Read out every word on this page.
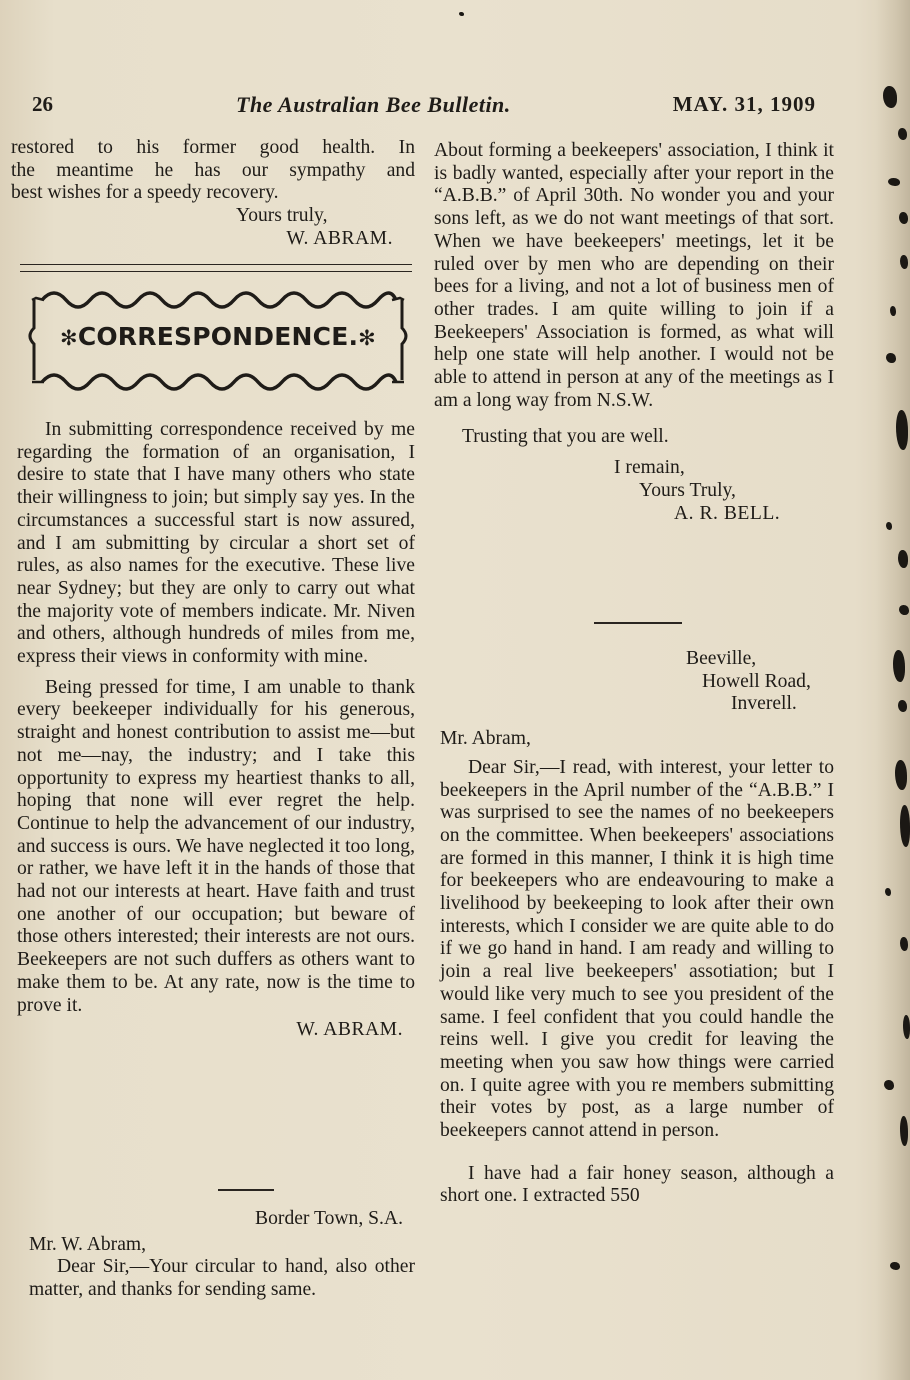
26	The Australian Bee Bulletin.	MAY. 31, 1909

restored to his former good health. In

the meantime he has our sympathy and

best wishes for a speedy recovery.

Yours truly,

W. ABRAM.

✻CORRESPONDENCE.✻

In submitting correspondence received by me regarding the formation of an organisation, I desire to state that I have many others who state their willingness to join; but simply say yes. In the circumstances a successful start is now assured, and I am submitting by circular a short set of rules, as also names for the executive. These live near Sydney; but they are only to carry out what the majority vote of members indicate. Mr. Niven and others, although hundreds of miles from me, express their views in conformity with mine.

Being pressed for time, I am unable to thank every beekeeper individually for his generous, straight and honest contribution to assist me—but not me—nay, the industry; and I take this opportunity to express my heartiest thanks to all, hoping that none will ever regret the help. Continue to help the advancement of our industry, and success is ours. We have neglected it too long, or rather, we have left it in the hands of those that had not our interests at heart. Have faith and trust one another of our occupation; but beware of those others interested; their interests are not ours. Beekeepers are not such duffers as others want to make them to be. At any rate, now is the time to prove it.

W. ABRAM.

Border Town, S.A.

Mr. W. Abram,

Dear Sir,—Your circular to hand, also other matter, and thanks for sending same.

About forming a beekeepers' association, I think it is badly wanted, especially after your report in the “A.B.B.” of April 30th. No wonder you and your sons left, as we do not want meetings of that sort. When we have beekeepers' meetings, let it be ruled over by men who are depending on their bees for a living, and not a lot of business men of other trades. I am quite willing to join if a Beekeepers' Association is formed, as what will help one state will help another. I would not be able to attend in person at any of the meetings as I am a long way from N.S.W.

Trusting that you are well.

I remain,

Yours Truly,

A. R. BELL.

Beeville,

Howell Road,

Inverell.

Mr. Abram,

Dear Sir,—I read, with interest, your letter to beekeepers in the April number of the “A.B.B.” I was surprised to see the names of no beekeepers on the committee. When beekeepers' associations are formed in this manner, I think it is high time for beekeepers who are endeavouring to make a livelihood by beekeeping to look after their own interests, which I consider we are quite able to do if we go hand in hand. I am ready and willing to join a real live beekeepers' assotiation; but I would like very much to see you president of the same. I feel confident that you could handle the reins well. I give you credit for leaving the meeting when you saw how things were carried on. I quite agree with you re members submitting their votes by post, as a large number of beekeepers cannot attend in person.

I have had a fair honey season, although a short one. I extracted 550
